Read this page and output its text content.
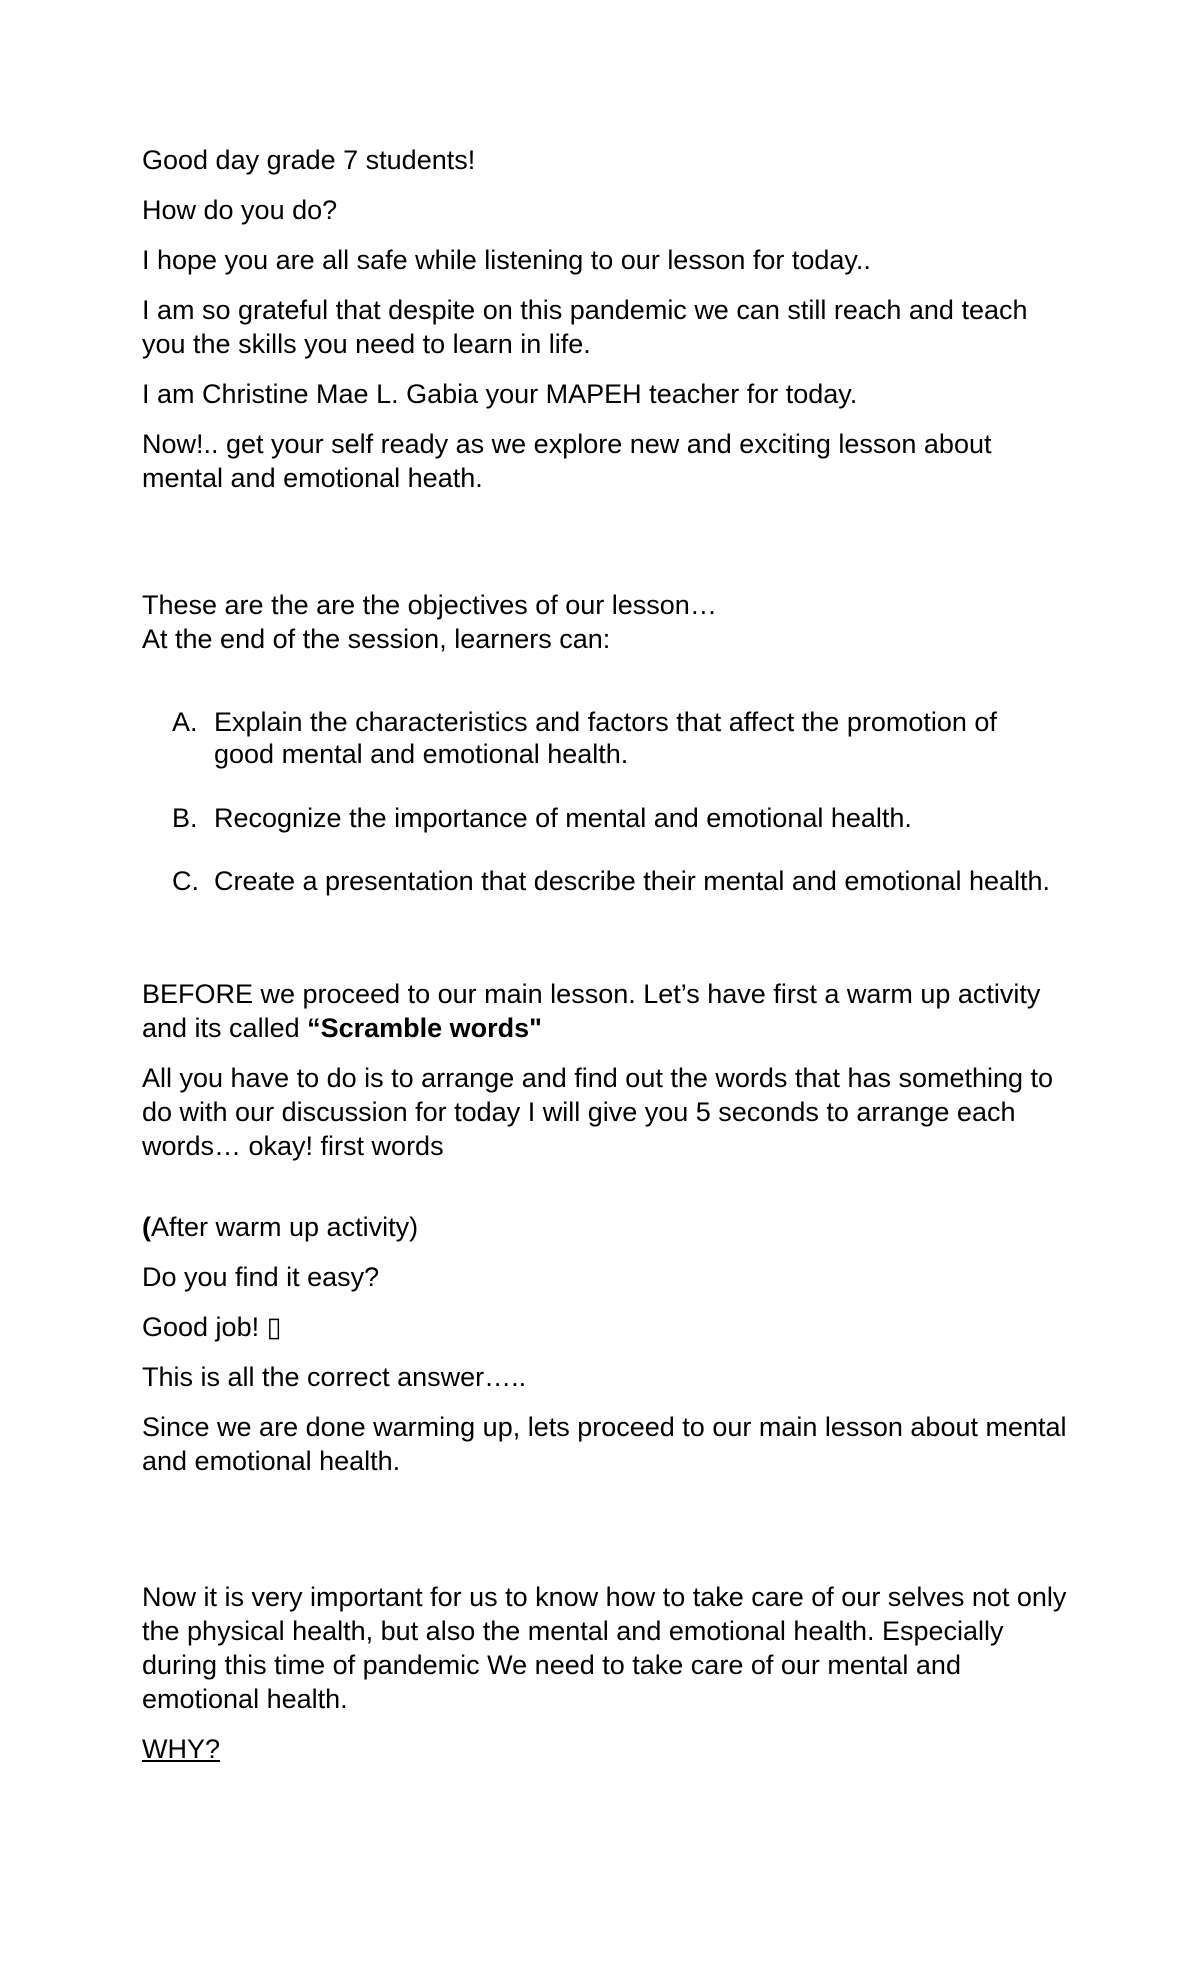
Good day grade 7 students!

How do you do?

I hope you are all safe while listening to our lesson for today..

I am so grateful that despite on this pandemic we can still reach and teach you the skills you need to learn in life.

I am Christine Mae L. Gabia your MAPEH teacher for today.

Now!.. get your self ready as we explore new and exciting lesson about mental and emotional heath.

These are the are the objectives of our lesson…

At the end of the session, learners can:

A. Explain the characteristics and factors that affect the promotion of good mental and emotional health.
B. Recognize the importance of mental and emotional health.
C. Create a presentation that describe their mental and emotional health.

BEFORE we proceed to our main lesson. Let’s have first a warm up activity and its called “Scramble words"

All you have to do is to arrange and find out the words that has something to do with our discussion for today I will give you 5 seconds to arrange each words… okay! first words

(After warm up activity)

Do you find it easy?

Good job! ▯

This is all the correct answer…..

Since we are done warming up, lets proceed to our main lesson about mental and emotional health.

Now it is very important for us to know how to take care of our selves not only the physical health, but also the mental and emotional health. Especially during this time of pandemic We need to take care of our mental and emotional health.

WHY?
